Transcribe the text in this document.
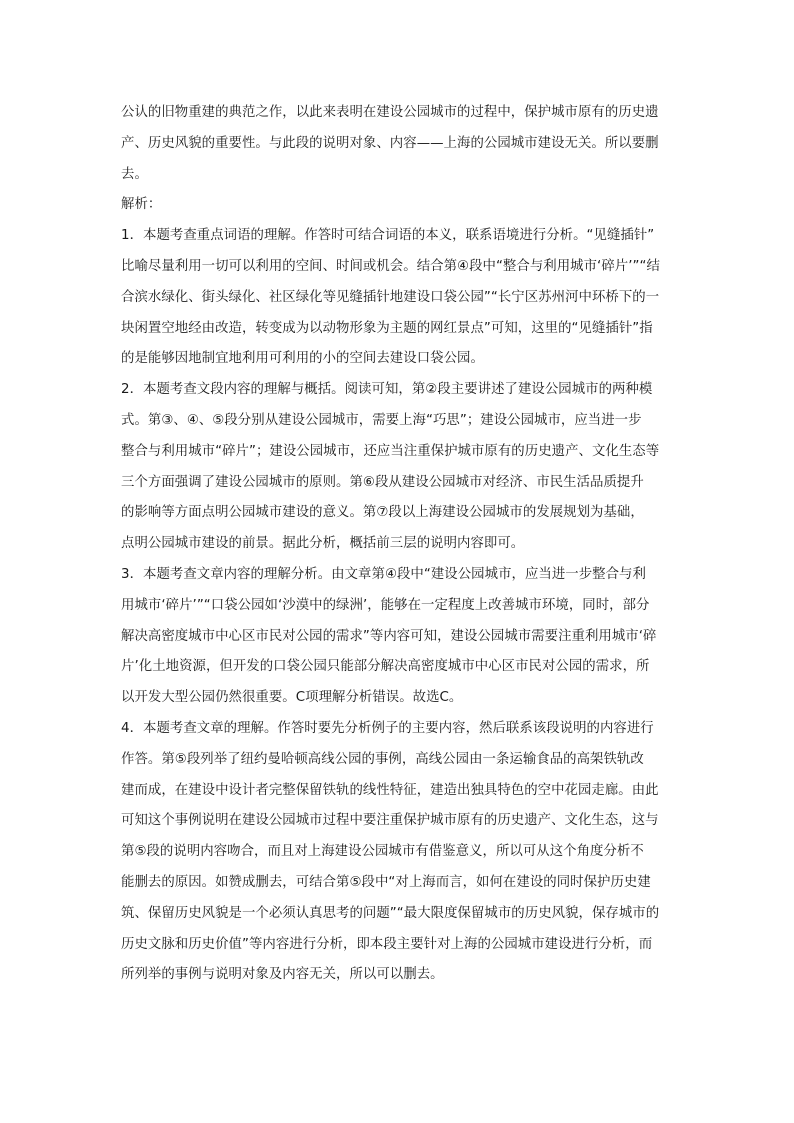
公认的旧物重建的典范之作，以此来表明在建设公园城市的过程中，保护城市原有的历史遗
产、历史风貌的重要性。与此段的说明对象、内容——上海的公园城市建设无关。所以要删
去。
解析：
1．本题考查重点词语的理解。作答时可结合词语的本义，联系语境进行分析。“见缝插针”
比喻尽量利用一切可以利用的空间、时间或机会。结合第④段中“整合与利用城市‘碎片’”“结
合滨水绿化、街头绿化、社区绿化等见缝插针地建设口袋公园”“长宁区苏州河中环桥下的一
块闲置空地经由改造，转变成为以动物形象为主题的网红景点”可知，这里的“见缝插针”指
的是能够因地制宜地利用可利用的小的空间去建设口袋公园。
2．本题考查文段内容的理解与概括。阅读可知，第②段主要讲述了建设公园城市的两种模
式。第③、④、⑤段分别从建设公园城市，需要上海“巧思”；建设公园城市，应当进一步
整合与利用城市“碎片”；建设公园城市，还应当注重保护城市原有的历史遗产、文化生态等
三个方面强调了建设公园城市的原则。第⑥段从建设公园城市对经济、市民生活品质提升
的影响等方面点明公园城市建设的意义。第⑦段以上海建设公园城市的发展规划为基础，
点明公园城市建设的前景。据此分析，概括前三层的说明内容即可。
3．本题考查文章内容的理解分析。由文章第④段中“建设公园城市，应当进一步整合与利
用城市‘碎片’”“口袋公园如‘沙漠中的绿洲’，能够在一定程度上改善城市环境，同时，部分
解决高密度城市中心区市民对公园的需求”等内容可知，建设公园城市需要注重利用城市‘碎
片’化土地资源，但开发的口袋公园只能部分解决高密度城市中心区市民对公园的需求，所
以开发大型公园仍然很重要。C项理解分析错误。故选C。
4．本题考查文章的理解。作答时要先分析例子的主要内容，然后联系该段说明的内容进行
作答。第⑤段列举了纽约曼哈顿高线公园的事例，高线公园由一条运输食品的高架铁轨改
建而成，在建设中设计者完整保留铁轨的线性特征，建造出独具特色的空中花园走廊。由此
可知这个事例说明在建设公园城市过程中要注重保护城市原有的历史遗产、文化生态，这与
第⑤段的说明内容吻合，而且对上海建设公园城市有借鉴意义，所以可从这个角度分析不
能删去的原因。如赞成删去，可结合第⑤段中“对上海而言，如何在建设的同时保护历史建
筑、保留历史风貌是一个必须认真思考的问题”“最大限度保留城市的历史风貌，保存城市的
历史文脉和历史价值”等内容进行分析，即本段主要针对上海的公园城市建设进行分析，而
所列举的事例与说明对象及内容无关，所以可以删去。
